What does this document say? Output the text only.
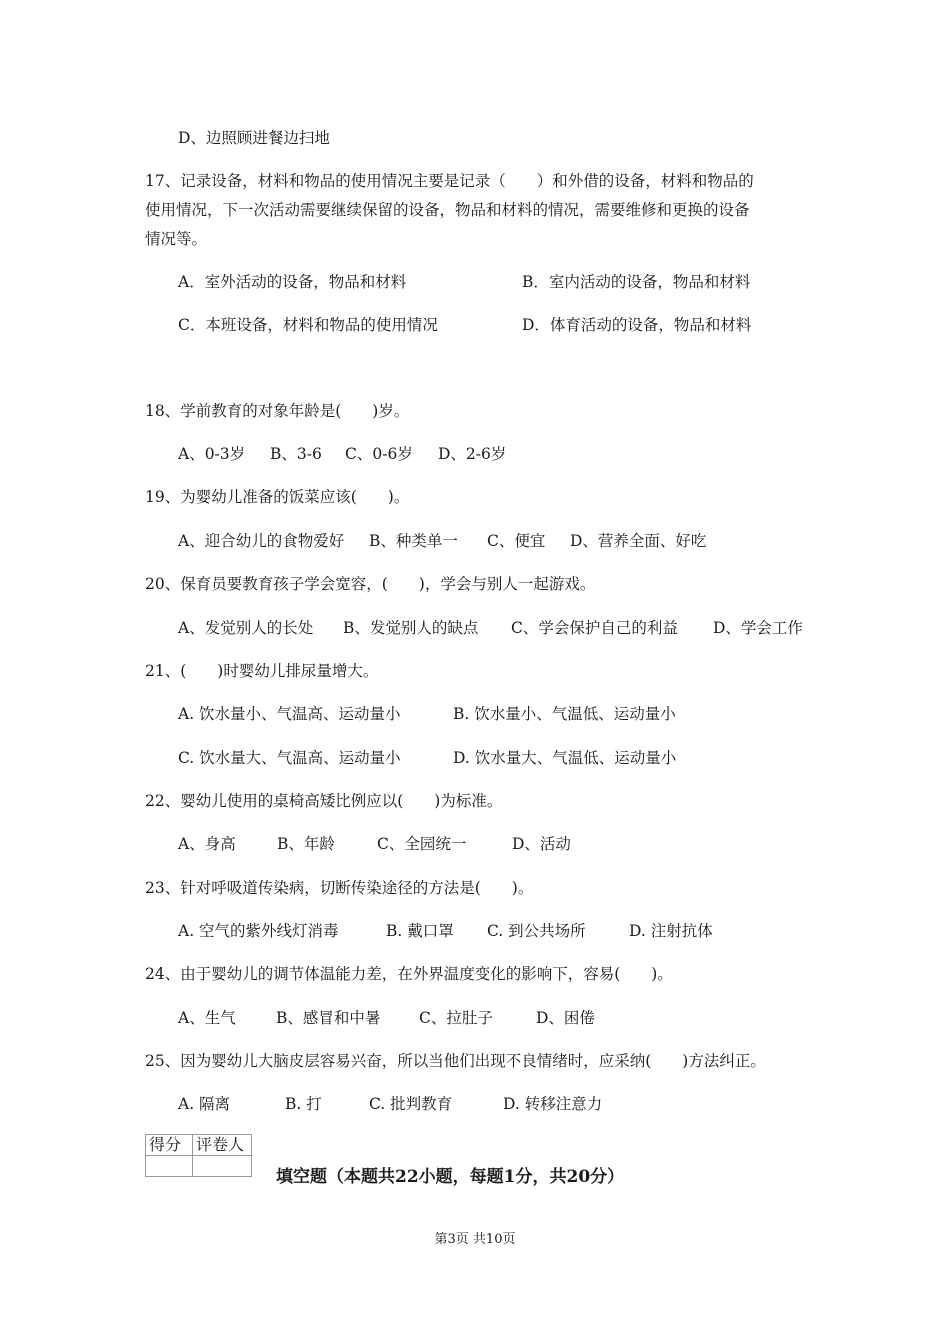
D、边照顾进餐边扫地
17、记录设备，材料和物品的使用情况主要是记录（　　）和外借的设备，材料和物品的
使用情况，下一次活动需要继续保留的设备，物品和材料的情况，需要维修和更换的设备
情况等。
A．室外活动的设备，物品和材料	B．室内活动的设备，物品和材料
C．本班设备，材料和物品的使用情况	D．体育活动的设备，物品和材料
18、学前教育的对象年龄是(　　)岁。
A、0-3岁 B、3-6 C、0-6岁 D、2-6岁
19、为婴幼儿准备的饭菜应该(　　)。
A、迎合幼儿的食物爱好 B、种类单一 C、便宜 D、营养全面、好吃
20、保育员要教育孩子学会宽容，(　　)，学会与别人一起游戏。
A、发觉别人的长处 B、发觉别人的缺点 C、学会保护自己的利益 D、学会工作
21、(　　)时婴幼儿排尿量增大。
A. 饮水量小、气温高、运动量小	B. 饮水量小、气温低、运动量小
C. 饮水量大、气温高、运动量小	D. 饮水量大、气温低、运动量小
22、婴幼儿使用的桌椅高矮比例应以(　　)为标准。
A、身高	B、年龄	C、全园统一	D、活动
23、针对呼吸道传染病，切断传染途径的方法是(　　)。
A. 空气的紫外线灯消毒	B. 戴口罩 C. 到公共场所	D. 注射抗体
24、由于婴幼儿的调节体温能力差，在外界温度变化的影响下，容易(　　)。
A、生气	B、感冒和中暑 C、拉肚子	D、困倦
25、因为婴幼儿大脑皮层容易兴奋，所以当他们出现不良情绪时，应采纳(　　)方法纠正。
A. 隔离	B. 打	C. 批判教育	D. 转移注意力
得分	评卷人

填空题（本题共22小题，每题1分，共20分）
第3页 共10页
